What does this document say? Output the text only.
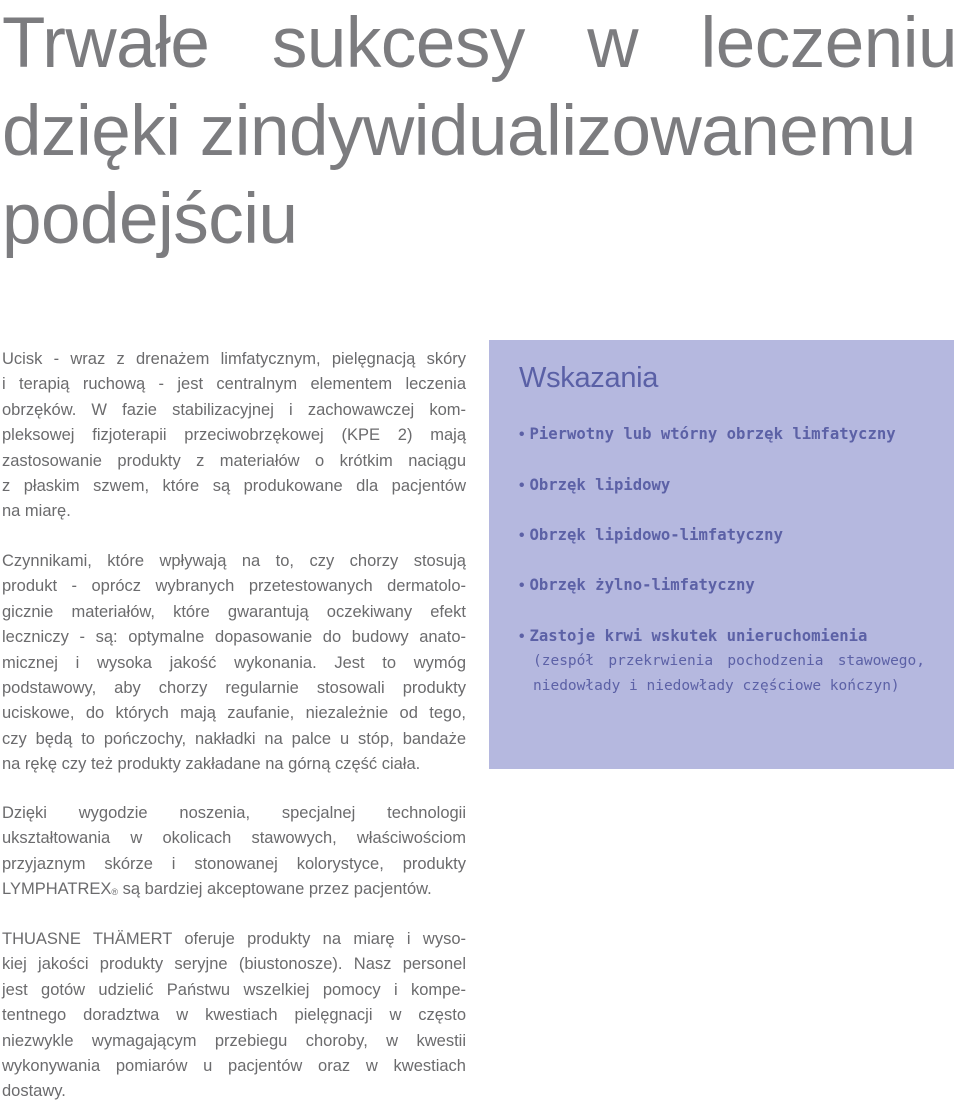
Trwałe sukcesy w leczeniu
dzięki zindywidualizowanemu
podejściu
Ucisk - wraz z drenażem limfatycznym, pielęgnacją skóry
i terapią ruchową - jest centralnym elementem leczenia
obrzęków. W fazie stabilizacyjnej i zachowawczej kom-
pleksowej fizjoterapii przeciwobrzękowej (KPE 2) mają
zastosowanie produkty z materiałów o krótkim naciągu
z płaskim szwem, które są produkowane dla pacjentów
na miarę.
Czynnikami, które wpływają na to, czy chorzy stosują
produkt - oprócz wybranych przetestowanych dermatolo-
gicznie materiałów, które gwarantują oczekiwany efekt
leczniczy - są: optymalne dopasowanie do budowy anato-
micznej i wysoka jakość wykonania. Jest to wymóg
podstawowy, aby chorzy regularnie stosowali produkty
uciskowe, do których mają zaufanie, niezależnie od tego,
czy będą to pończochy, nakładki na palce u stóp, bandaże
na rękę czy też produkty zakładane na górną część ciała.
Dzięki wygodzie noszenia, specjalnej technologii
ukształtowania w okolicach stawowych, właściwościom
przyjaznym skórze i stonowanej kolorystyce, produkty
LYMPHATREX® są bardziej akceptowane przez pacjentów.
THUASNE THÄMERT oferuje produkty na miarę i wyso-
kiej jakości produkty seryjne (biustonosze). Nasz personel
jest gotów udzielić Państwu wszelkiej pomocy i kompe-
tentnego doradztwa w kwestiach pielęgnacji w często
niezwykle wymagającym przebiegu choroby, w kwestii
wykonywania pomiarów u pacjentów oraz w kwestiach
dostawy.
Wskazania
• Pierwotny lub wtórny obrzęk limfatyczny
• Obrzęk lipidowy
• Obrzęk lipidowo-limfatyczny
• Obrzęk żylno-limfatyczny
• Zastoje krwi wskutek unieruchomienia
(zespół przekrwienia pochodzenia stawowego,
niedowłady i niedowłady częściowe kończyn)
